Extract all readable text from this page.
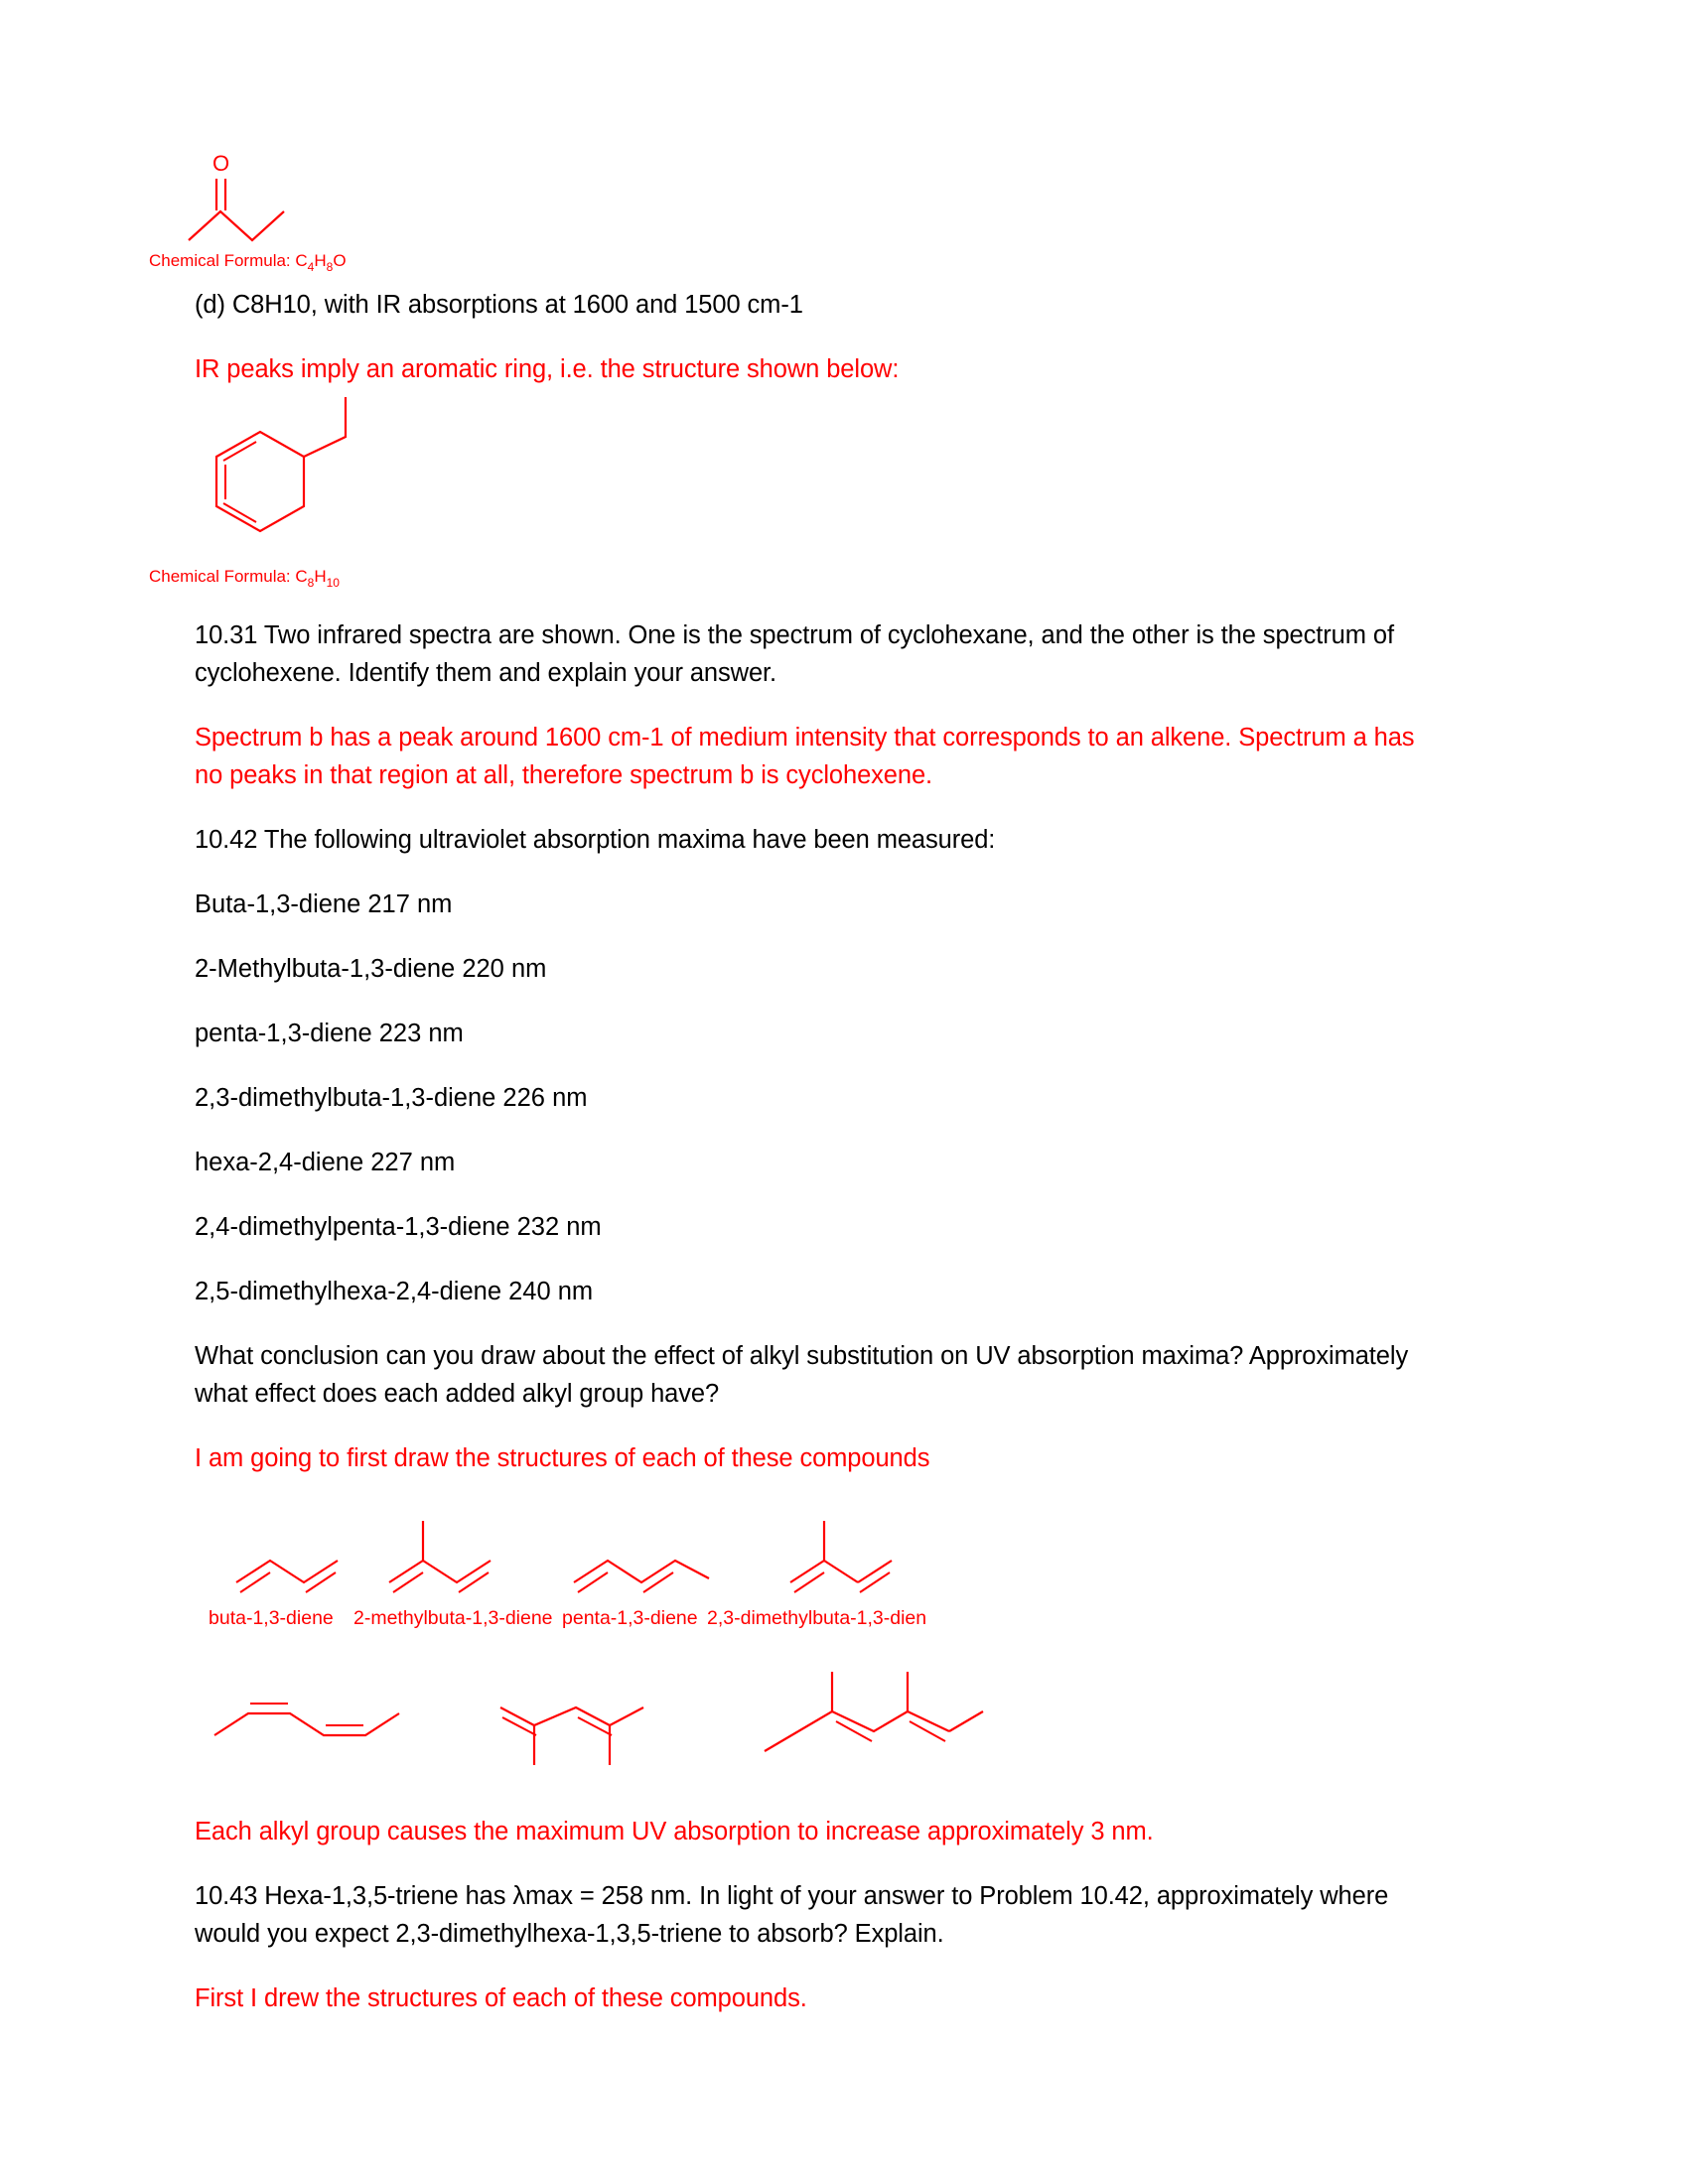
O
Chemical Formula: $C_4H_8O$

(d) C8H10, with IR absorptions at 1600 and 1500 cm-1

IR peaks imply an aromatic ring, i.e. the structure shown below:

Chemical Formula: $C_8H_{10}$

10.31 Two infrared spectra are shown. One is the spectrum of cyclohexane, and the other is the spectrum of cyclohexene. Identify them and explain your answer.

Spectrum b has a peak around 1600 cm-1 of medium intensity that corresponds to an alkene. Spectrum a has no peaks in that region at all, therefore spectrum b is cyclohexene.

10.42 The following ultraviolet absorption maxima have been measured:

Buta-1,3-diene 217 nm

2-Methylbuta-1,3-diene 220 nm

penta-1,3-diene 223 nm

2,3-dimethylbuta-1,3-diene 226 nm

hexa-2,4-diene 227 nm

2,4-dimethylpenta-1,3-diene 232 nm

2,5-dimethylhexa-2,4-diene 240 nm

What conclusion can you draw about the effect of alkyl substitution on UV absorption maxima? Approximately what effect does each added alkyl group have?

I am going to first draw the structures of each of these compounds

buta-1,3-diene 2-methylbuta-1,3-diene penta-1,3-diene 2,3-dimethylbuta-1,3-dien

Each alkyl group causes the maximum UV absorption to increase approximately 3 nm.

10.43 Hexa-1,3,5-triene has λmax = 258 nm. In light of your answer to Problem 10.42, approximately where would you expect 2,3-dimethylhexa-1,3,5-triene to absorb? Explain.

First I drew the structures of each of these compounds.
